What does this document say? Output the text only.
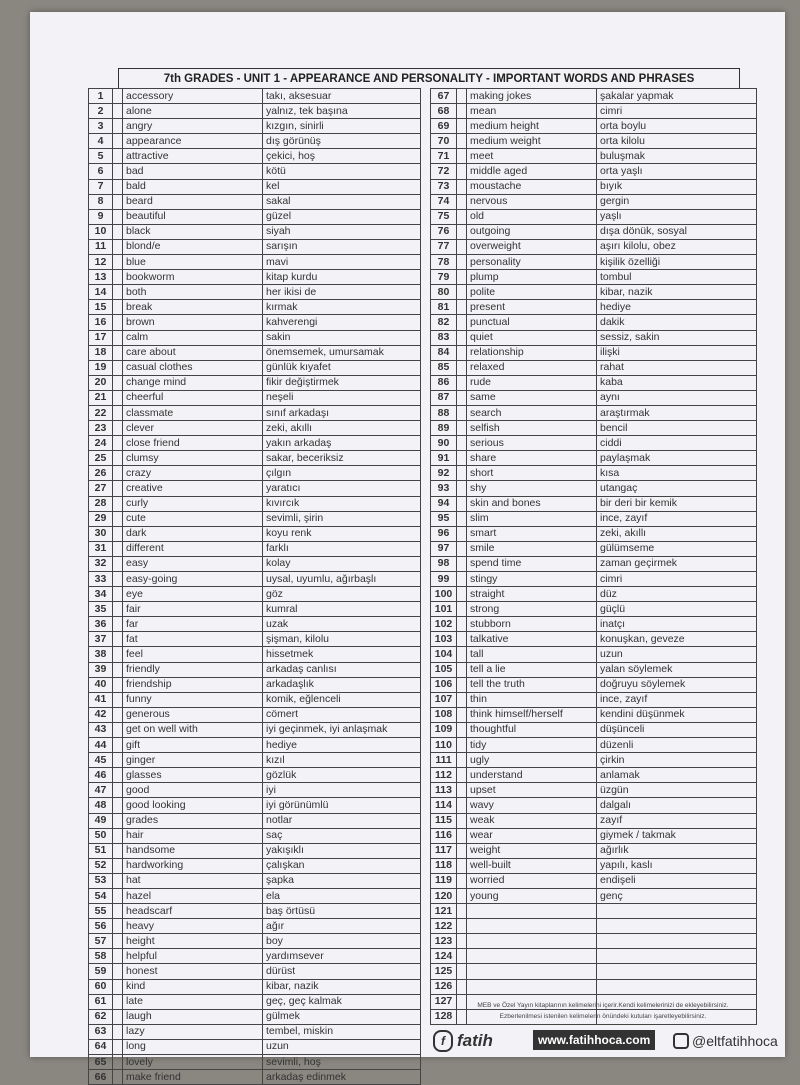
7th GRADES - UNIT 1 - APPEARANCE AND PERSONALITY - IMPORTANT WORDS AND PHRASES
1		accessory	takı, aksesuar
2		alone	yalnız, tek başına
3		angry	kızgın, sinirli
4		appearance	dış görünüş
5		attractive	çekici, hoş
6		bad	kötü
7		bald	kel
8		beard	sakal
9		beautiful	güzel
10		black	siyah
11		blond/e	sarışın
12		blue	mavi
13		bookworm	kitap kurdu
14		both	her ikisi de
15		break	kırmak
16		brown	kahverengi
17		calm	sakin
18		care about	önemsemek, umursamak
19		casual clothes	günlük kıyafet
20		change mind	fikir değiştirmek
21		cheerful	neşeli
22		classmate	sınıf arkadaşı
23		clever	zeki, akıllı
24		close friend	yakın arkadaş
25		clumsy	sakar, beceriksiz
26		crazy	çılgın
27		creative	yaratıcı
28		curly	kıvırcık
29		cute	sevimli, şirin
30		dark	koyu renk
31		different	farklı
32		easy	kolay
33		easy-going	uysal, uyumlu, ağırbaşlı
34		eye	göz
35		fair	kumral
36		far	uzak
37		fat	şişman, kilolu
38		feel	hissetmek
39		friendly	arkadaş canlısı
40		friendship	arkadaşlık
41		funny	komik, eğlenceli
42		generous	cömert
43		get on well with	iyi geçinmek, iyi anlaşmak
44		gift	hediye
45		ginger	kızıl
46		glasses	gözlük
47		good	iyi
48		good looking	iyi görünümlü
49		grades	notlar
50		hair	saç
51		handsome	yakışıklı
52		hardworking	çalışkan
53		hat	şapka
54		hazel	ela
55		headscarf	baş örtüsü
56		heavy	ağır
57		height	boy
58		helpful	yardımsever
59		honest	dürüst
60		kind	kibar, nazik
61		late	geç, geç kalmak
62		laugh	gülmek
63		lazy	tembel, miskin
64		long	uzun
65		lovely	sevimli, hoş
66		make friend	arkadaş edinmek
67		making jokes	şakalar yapmak
68		mean	cimri
69		medium height	orta boylu
70		medium weight	orta kilolu
71		meet	buluşmak
72		middle aged	orta yaşlı
73		moustache	bıyık
74		nervous	gergin
75		old	yaşlı
76		outgoing	dışa dönük, sosyal
77		overweight	aşırı kilolu, obez
78		personality	kişilik özelliği
79		plump	tombul
80		polite	kibar, nazik
81		present	hediye
82		punctual	dakik
83		quiet	sessiz, sakin
84		relationship	ilişki
85		relaxed	rahat
86		rude	kaba
87		same	aynı
88		search	araştırmak
89		selfish	bencil
90		serious	ciddi
91		share	paylaşmak
92		short	kısa
93		shy	utangaç
94		skin and bones	bir deri bir kemik
95		slim	ince, zayıf
96		smart	zeki, akıllı
97		smile	gülümseme
98		spend time	zaman geçirmek
99		stingy	cimri
100		straight	düz
101		strong	güçlü
102		stubborn	inatçı
103		talkative	konuşkan, geveze
104		tall	uzun
105		tell a lie	yalan söylemek
106		tell the truth	doğruyu söylemek
107		thin	ince, zayıf
108		think himself/herself	kendini düşünmek
109		thoughtful	düşünceli
110		tidy	düzenli
111		ugly	çirkin
112		understand	anlamak
113		upset	üzgün
114		wavy	dalgalı
115		weak	zayıf
116		wear	giymek / takmak
117		weight	ağırlık
118		well-built	yapılı, kaslı
119		worried	endişeli
120		young	genç
121			
122			
123			
124			
125			
126			
127			
128			
MEB ve Özel Yayın kitaplarının kelimelerini içerir.Kendi kelimelerinizi de ekleyebilirsiniz.
Ezberlenilmesi istenilen kelimelerin önündeki kutuları işaretleyebilirsiniz.
f fatih	www.fatihhoca.com	@eltfatihhoca
